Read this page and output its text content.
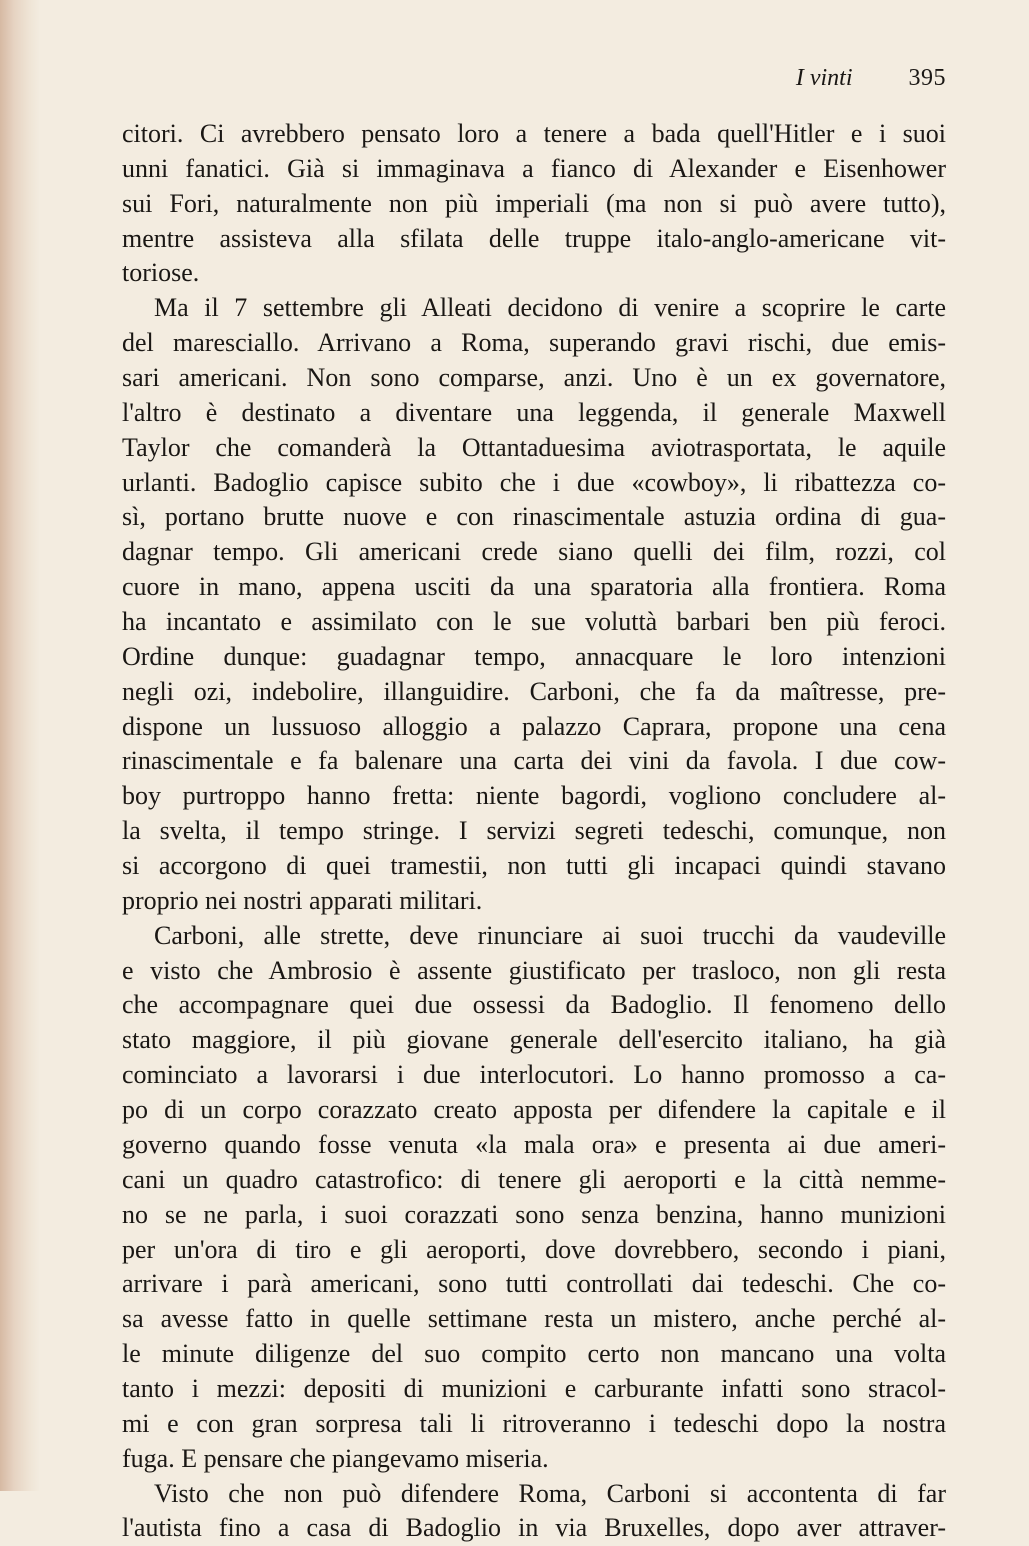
I vinti 395
citori. Ci avrebbero pensato loro a tenere a bada quell'Hitler e i suoi
unni fanatici. Già si immaginava a fianco di Alexander e Eisenhower
sui Fori, naturalmente non più imperiali (ma non si può avere tutto),
mentre assisteva alla sfilata delle truppe italo-anglo-americane vit-
toriose.
Ma il 7 settembre gli Alleati decidono di venire a scoprire le carte
del maresciallo. Arrivano a Roma, superando gravi rischi, due emis-
sari americani. Non sono comparse, anzi. Uno è un ex governatore,
l'altro è destinato a diventare una leggenda, il generale Maxwell
Taylor che comanderà la Ottantaduesima aviotrasportata, le aquile
urlanti. Badoglio capisce subito che i due «cowboy», li ribattezza co-
sì, portano brutte nuove e con rinascimentale astuzia ordina di gua-
dagnar tempo. Gli americani crede siano quelli dei film, rozzi, col
cuore in mano, appena usciti da una sparatoria alla frontiera. Roma
ha incantato e assimilato con le sue voluttà barbari ben più feroci.
Ordine dunque: guadagnar tempo, annacquare le loro intenzioni
negli ozi, indebolire, illanguidire. Carboni, che fa da maîtresse, pre-
dispone un lussuoso alloggio a palazzo Caprara, propone una cena
rinascimentale e fa balenare una carta dei vini da favola. I due cow-
boy purtroppo hanno fretta: niente bagordi, vogliono concludere al-
la svelta, il tempo stringe. I servizi segreti tedeschi, comunque, non
si accorgono di quei tramestii, non tutti gli incapaci quindi stavano
proprio nei nostri apparati militari.
Carboni, alle strette, deve rinunciare ai suoi trucchi da vaudeville
e visto che Ambrosio è assente giustificato per trasloco, non gli resta
che accompagnare quei due ossessi da Badoglio. Il fenomeno dello
stato maggiore, il più giovane generale dell'esercito italiano, ha già
cominciato a lavorarsi i due interlocutori. Lo hanno promosso a ca-
po di un corpo corazzato creato apposta per difendere la capitale e il
governo quando fosse venuta «la mala ora» e presenta ai due ameri-
cani un quadro catastrofico: di tenere gli aeroporti e la città nemme-
no se ne parla, i suoi corazzati sono senza benzina, hanno munizioni
per un'ora di tiro e gli aeroporti, dove dovrebbero, secondo i piani,
arrivare i parà americani, sono tutti controllati dai tedeschi. Che co-
sa avesse fatto in quelle settimane resta un mistero, anche perché al-
le minute diligenze del suo compito certo non mancano una volta
tanto i mezzi: depositi di munizioni e carburante infatti sono stracol-
mi e con gran sorpresa tali li ritroveranno i tedeschi dopo la nostra
fuga. E pensare che piangevamo miseria.
Visto che non può difendere Roma, Carboni si accontenta di far
l'autista fino a casa di Badoglio in via Bruxelles, dopo aver attraver-
